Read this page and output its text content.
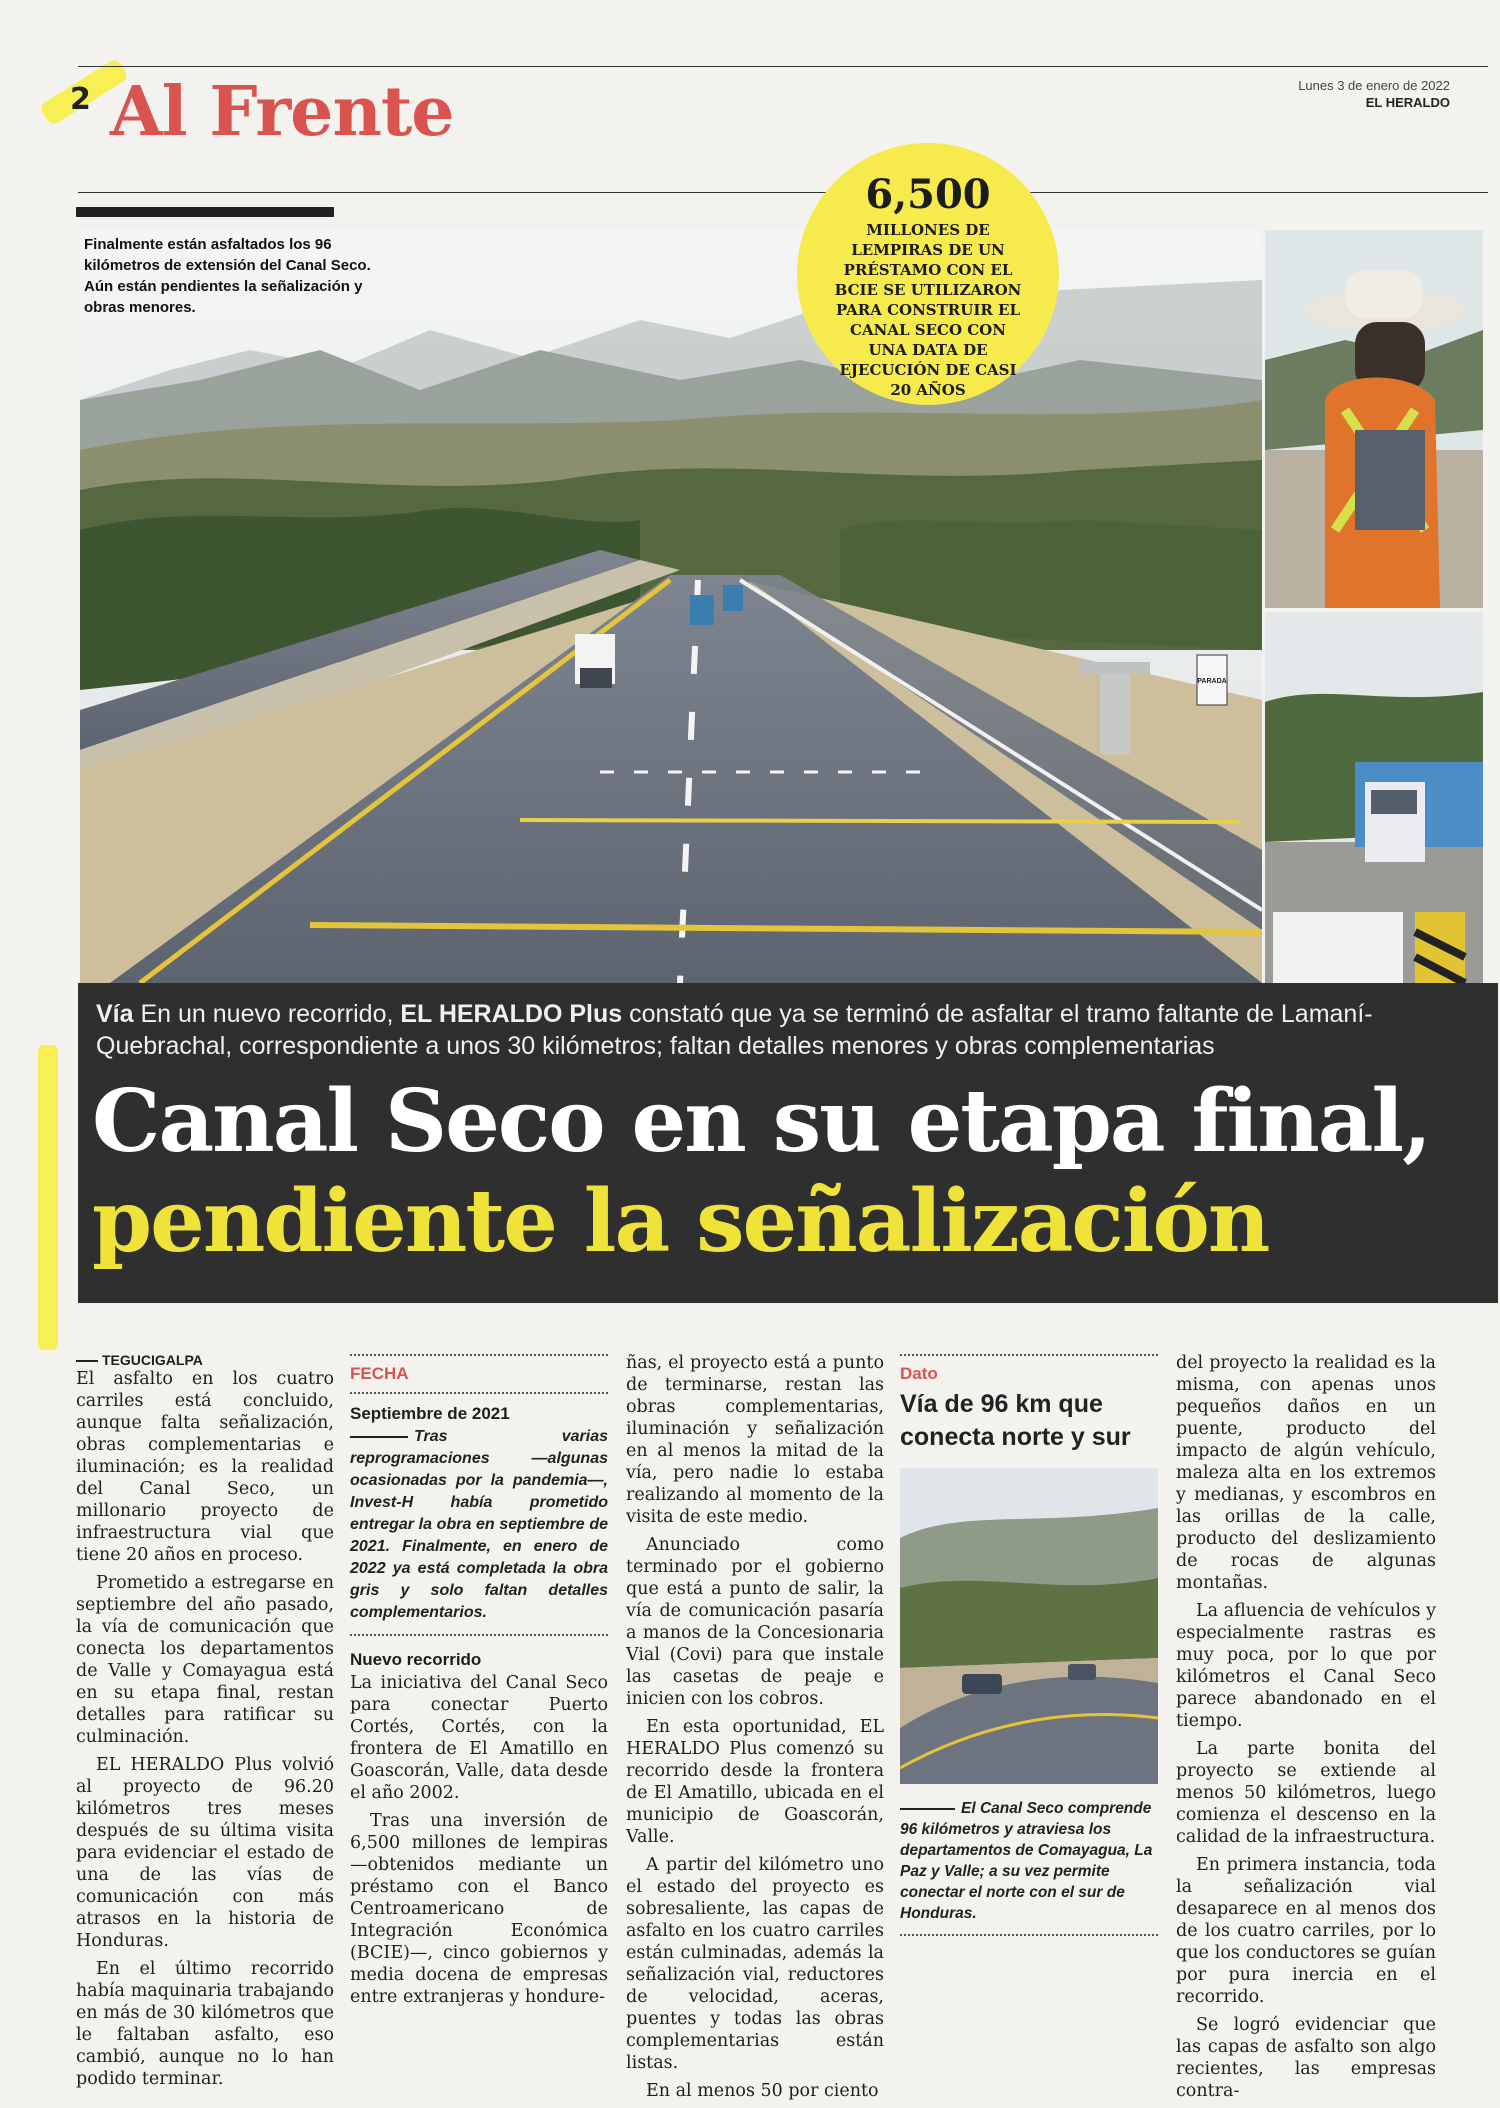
2 Al Frente	Lunes 3 de enero de 2022
EL HERALDO
PARADA
Finalmente están asfaltados los 96 kilómetros de extensión del Canal Seco. Aún están pendientes la señalización y obras menores.
6,500
MILLONES DE LEMPIRAS DE UN PRÉSTAMO CON EL BCIE SE UTILIZARON PARA CONSTRUIR EL CANAL SECO CON UNA DATA DE EJECUCIÓN DE CASI 20 AÑOS
Vía En un nuevo recorrido, EL HERALDO Plus constató que ya se terminó de asfaltar el tramo faltante de Lamaní-Quebrachal, correspondiente a unos 30 kilómetros; faltan detalles menores y obras complementarias
Canal Seco en su etapa final,
pendiente la señalización
TEGUCIGALPA

El asfalto en los cuatro carriles está concluido, aunque falta señalización, obras complementarias e iluminación; es la realidad del Canal Seco, un millonario proyecto de infraestructura vial que tiene 20 años en proceso.

Prometido a estregarse en septiembre del año pasado, la vía de comunicación que conecta los departamentos de Valle y Comayagua está en su etapa final, restan detalles para ratificar su culminación.

EL HERALDO Plus volvió al proyecto de 96.20 kilómetros tres meses después de su última visita para evidenciar el estado de una de las vías de comunicación con más atrasos en la historia de Honduras.

En el último recorrido había maquinaria trabajando en más de 30 kilómetros que le faltaban asfalto, eso cambió, aunque no lo han podido terminar.

FECHA
Septiembre de 2021
Tras varias reprogramaciones —algunas ocasionadas por la pandemia—, Invest-H había prometido entregar la obra en septiembre de 2021. Finalmente, en enero de 2022 ya está completada la obra gris y solo faltan detalles complementarios.
Nuevo recorrido

La iniciativa del Canal Seco para conectar Puerto Cortés, Cortés, con la frontera de El Amatillo en Goascorán, Valle, data desde el año 2002.

Tras una inversión de 6,500 millones de lempiras —obtenidos mediante un préstamo con el Banco Centroamericano de Integración Económica (BCIE)—, cinco gobiernos y media docena de empresas entre extranjeras y hondure-

ñas, el proyecto está a punto de terminarse, restan las obras complementarias, iluminación y señalización en al menos la mitad de la vía, pero nadie lo estaba realizando al momento de la visita de este medio.

Anunciado como terminado por el gobierno que está a punto de salir, la vía de comunicación pasaría a manos de la Concesionaria Vial (Covi) para que instale las casetas de peaje e inicien con los cobros.

En esta oportunidad, EL HERALDO Plus comenzó su recorrido desde la frontera de El Amatillo, ubicada en el municipio de Goascorán, Valle.

A partir del kilómetro uno el estado del proyecto es sobresaliente, las capas de asfalto en los cuatro carriles están culminadas, además la señalización vial, reductores de velocidad, aceras, puentes y todas las obras complementarias están listas.

En al menos 50 por ciento

Dato
Vía de 96 km que conecta norte y sur
El Canal Seco comprende 96 kilómetros y atraviesa los departamentos de Comayagua, La Paz y Valle; a su vez permite conectar el norte con el sur de Honduras.

del proyecto la realidad es la misma, con apenas unos pequeños daños en un puente, producto del impacto de algún vehículo, maleza alta en los extremos y medianas, y escombros en las orillas de la calle, producto del deslizamiento de rocas de algunas montañas.

La afluencia de vehículos y especialmente rastras es muy poca, por lo que por kilómetros el Canal Seco parece abandonado en el tiempo.

La parte bonita del proyecto se extiende al menos 50 kilómetros, luego comienza el descenso en la calidad de la infraestructura.

En primera instancia, toda la señalización vial desaparece en al menos dos de los cuatro carriles, por lo que los conductores se guían por pura inercia en el recorrido.

Se logró evidenciar que las capas de asfalto son algo recientes, las empresas contra-
